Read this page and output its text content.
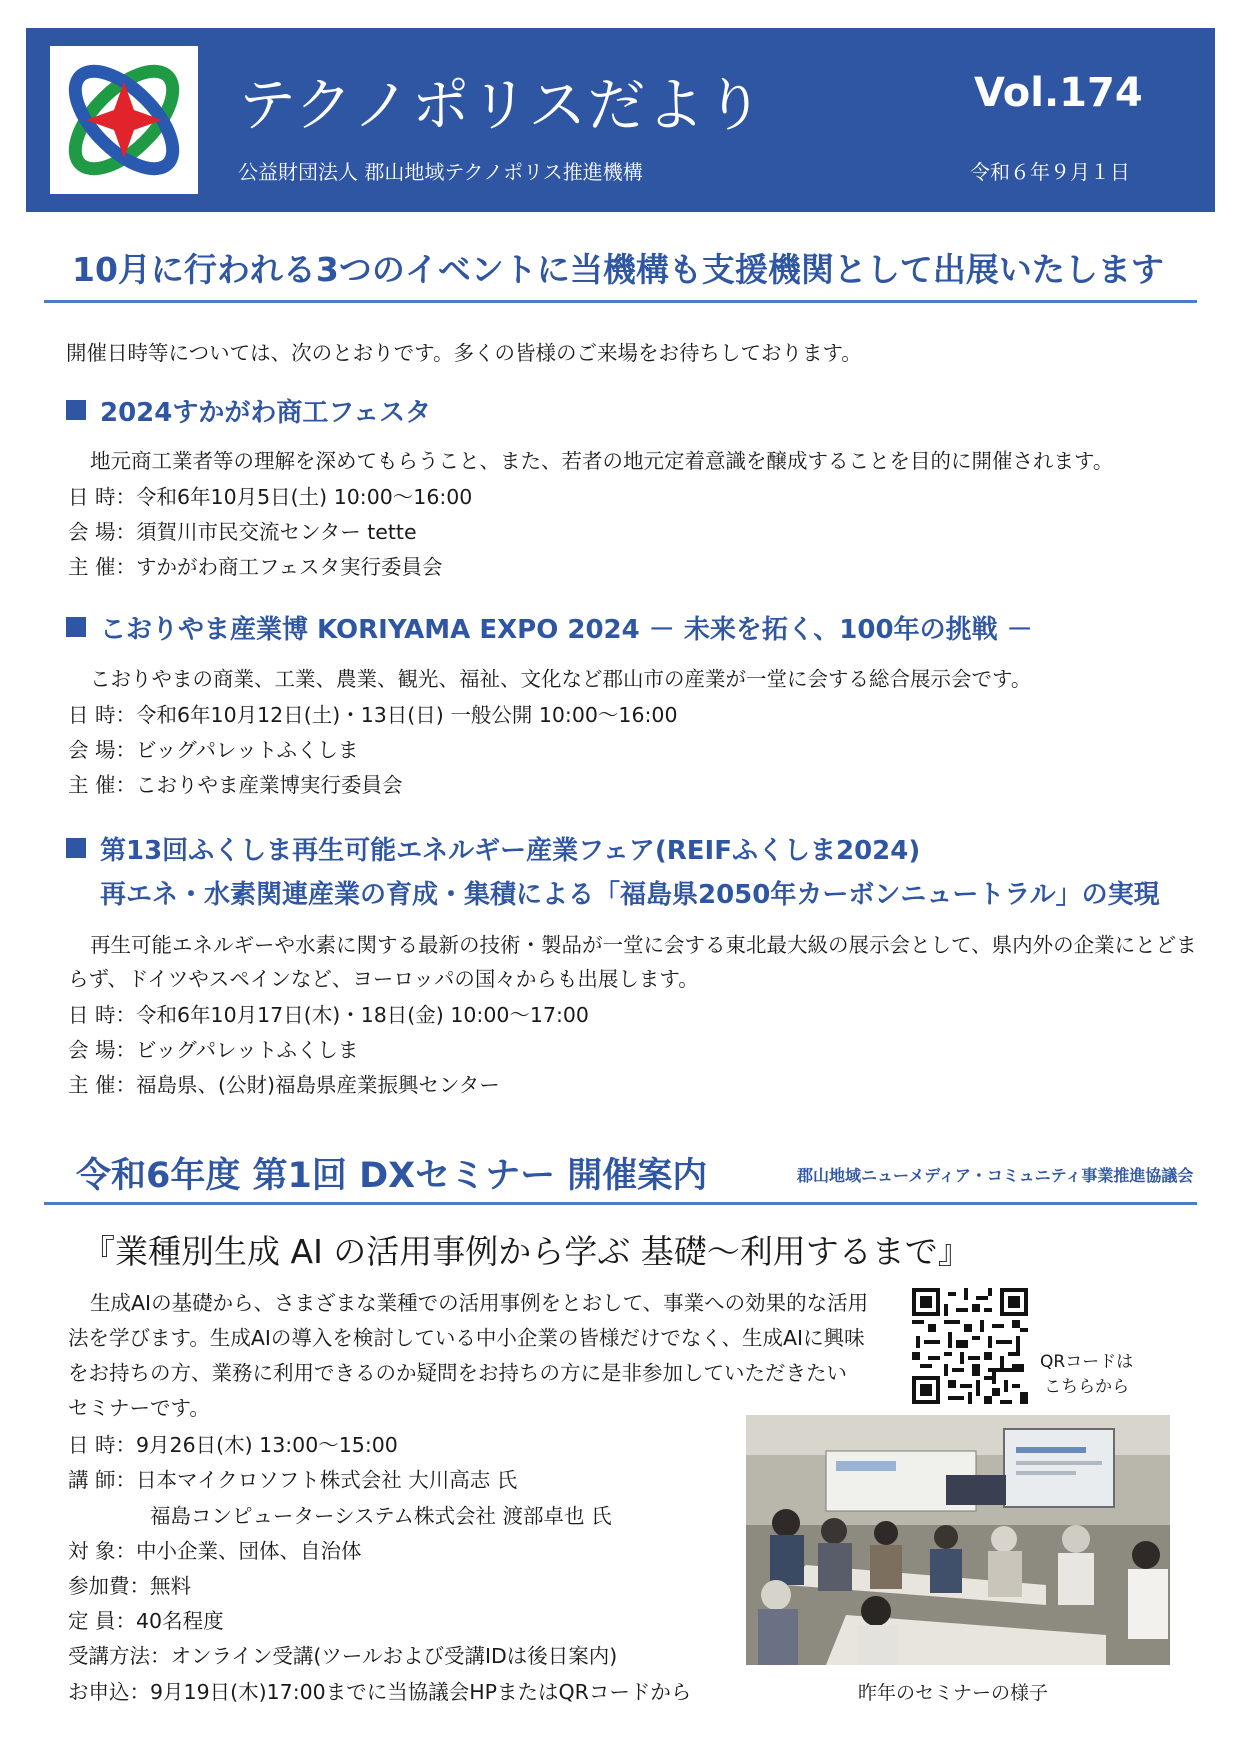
テクノポリスだより	Vol.174
公益財団法人 郡山地域テクノポリス推進機構	令和６年９月１日
10月に行われる3つのイベントに当機構も支援機関として出展いたします
開催日時等については、次のとおりです。多くの皆様のご来場をお待ちしております。
2024すかがわ商工フェスタ
地元商工業者等の理解を深めてもらうこと、また、若者の地元定着意識を醸成することを目的に開催されます。
日 時：令和6年10月5日(土) 10:00～16:00
会 場：須賀川市民交流センター tette
主 催：すかがわ商工フェスタ実行委員会
こおりやま産業博 KORIYAMA EXPO 2024 － 未来を拓く、100年の挑戦 －
こおりやまの商業、工業、農業、観光、福祉、文化など郡山市の産業が一堂に会する総合展示会です。
日 時：令和6年10月12日(土)・13日(日) 一般公開 10:00～16:00
会 場：ビッグパレットふくしま
主 催：こおりやま産業博実行委員会
第13回ふくしま再生可能エネルギー産業フェア(REIFふくしま2024)
再エネ・水素関連産業の育成・集積による「福島県2050年カーボンニュートラル」の実現
再生可能エネルギーや水素に関する最新の技術・製品が一堂に会する東北最大級の展示会として、県内外の企業にとどま
らず、ドイツやスペインなど、ヨーロッパの国々からも出展します。
日 時：令和6年10月17日(木)・18日(金) 10:00～17:00
会 場：ビッグパレットふくしま
主 催：福島県、(公財)福島県産業振興センター
令和6年度 第1回 DXセミナー 開催案内	郡山地域ニューメディア・コミュニティ事業推進協議会
『業種別生成 AI の活用事例から学ぶ 基礎～利用するまで』
生成AIの基礎から、さまざまな業種での活用事例をとおして、事業への効果的な活用
法を学びます。生成AIの導入を検討している中小企業の皆様だけでなく、生成AIに興味
をお持ちの方、業務に利用できるのか疑問をお持ちの方に是非参加していただきたい
セミナーです。
日 時：9月26日(木) 13:00～15:00
講 師：日本マイクロソフト株式会社 大川高志 氏
福島コンピューターシステム株式会社 渡部卓也 氏
対 象：中小企業、団体、自治体
参加費：無料
定 員：40名程度
受講方法：オンライン受講(ツールおよび受講IDは後日案内)
お申込：9月19日(木)17:00までに当協議会HPまたはQRコードから
QRコードは
こちらから
昨年のセミナーの様子
